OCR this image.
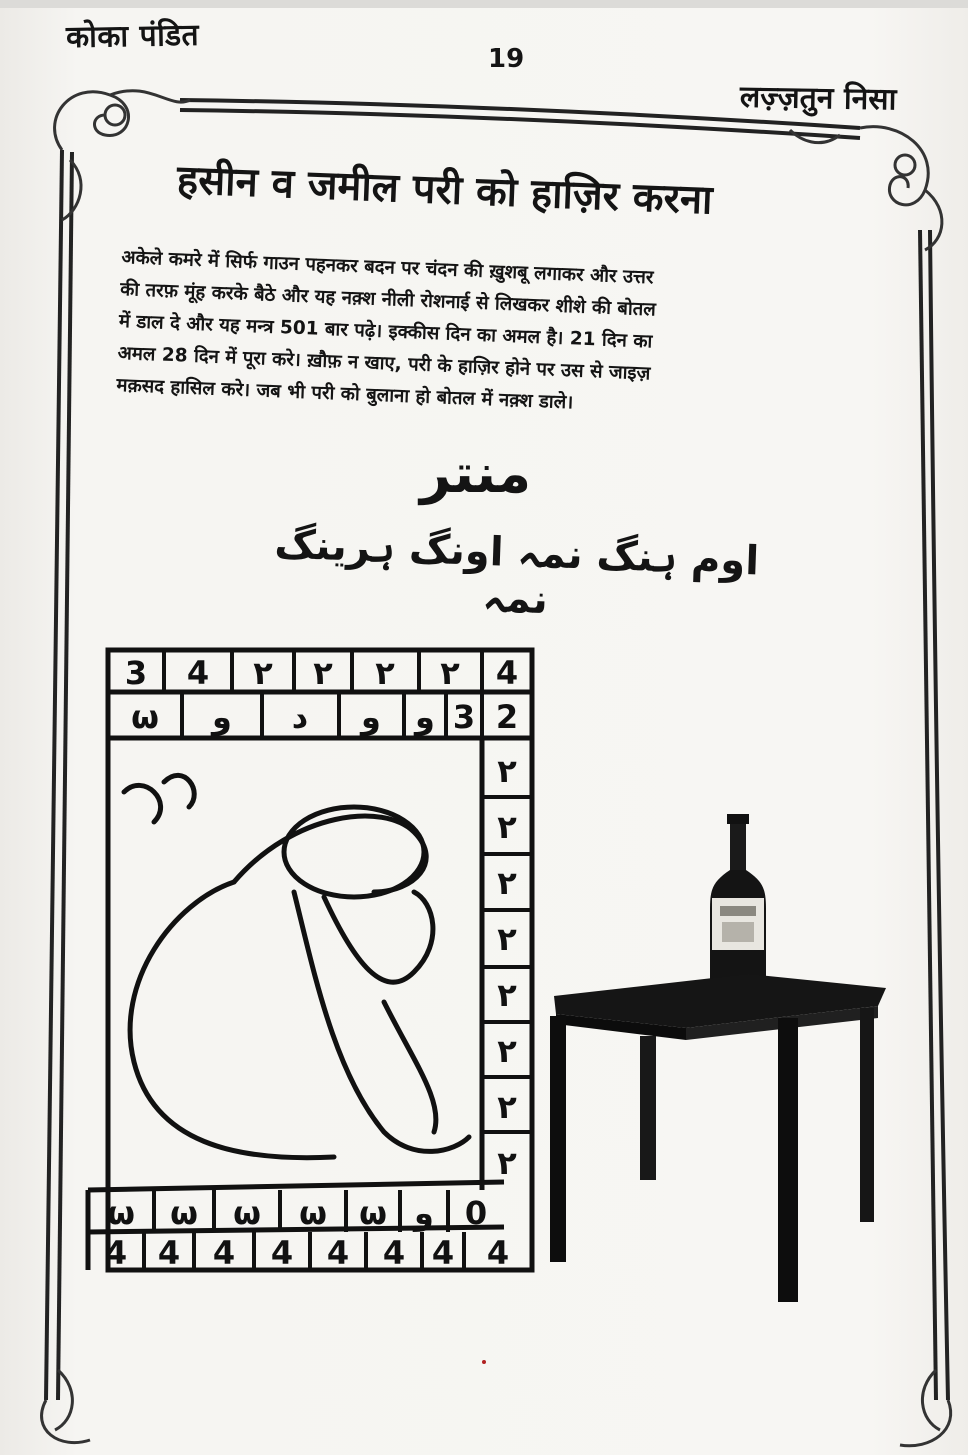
कोका पंडित
19
लज़्ज़तुन निसा
हसीन व जमील परी को हाज़िर करना
अकेले कमरे में सिर्फ गाउन पहनकर बदन पर चंदन की ख़ुशबू लगाकर और उत्तर
की तरफ़ मूंह करके बैठे और यह नक़्श नीली रोशनाई से लिखकर शीशे की बोतल
में डाल दे और यह मन्त्र 501 बार पढ़े। इक्कीस दिन का अमल है। 21 दिन का
अमल 28 दिन में पूरा करे। ख़ौफ़ न खाए, परी के हाज़िर होने पर उस से जाइज़
मक़सद हासिल करे। जब भी परी को बुलाना हो बोतल में नक़्श डाले।
منتر
اوم ہنگ نمہ اونگ ہرینگ نمہ
3 4 ٢ ٢ ٢ ٢ 4
ω ﻭ ﺩ ﻭ ﻭ 3 2
٢
٢
٢
٢
٢
٢
٢
٢
ω ω ω ω ω ﻭ 0
4 4 4 4 4 4 4 4
